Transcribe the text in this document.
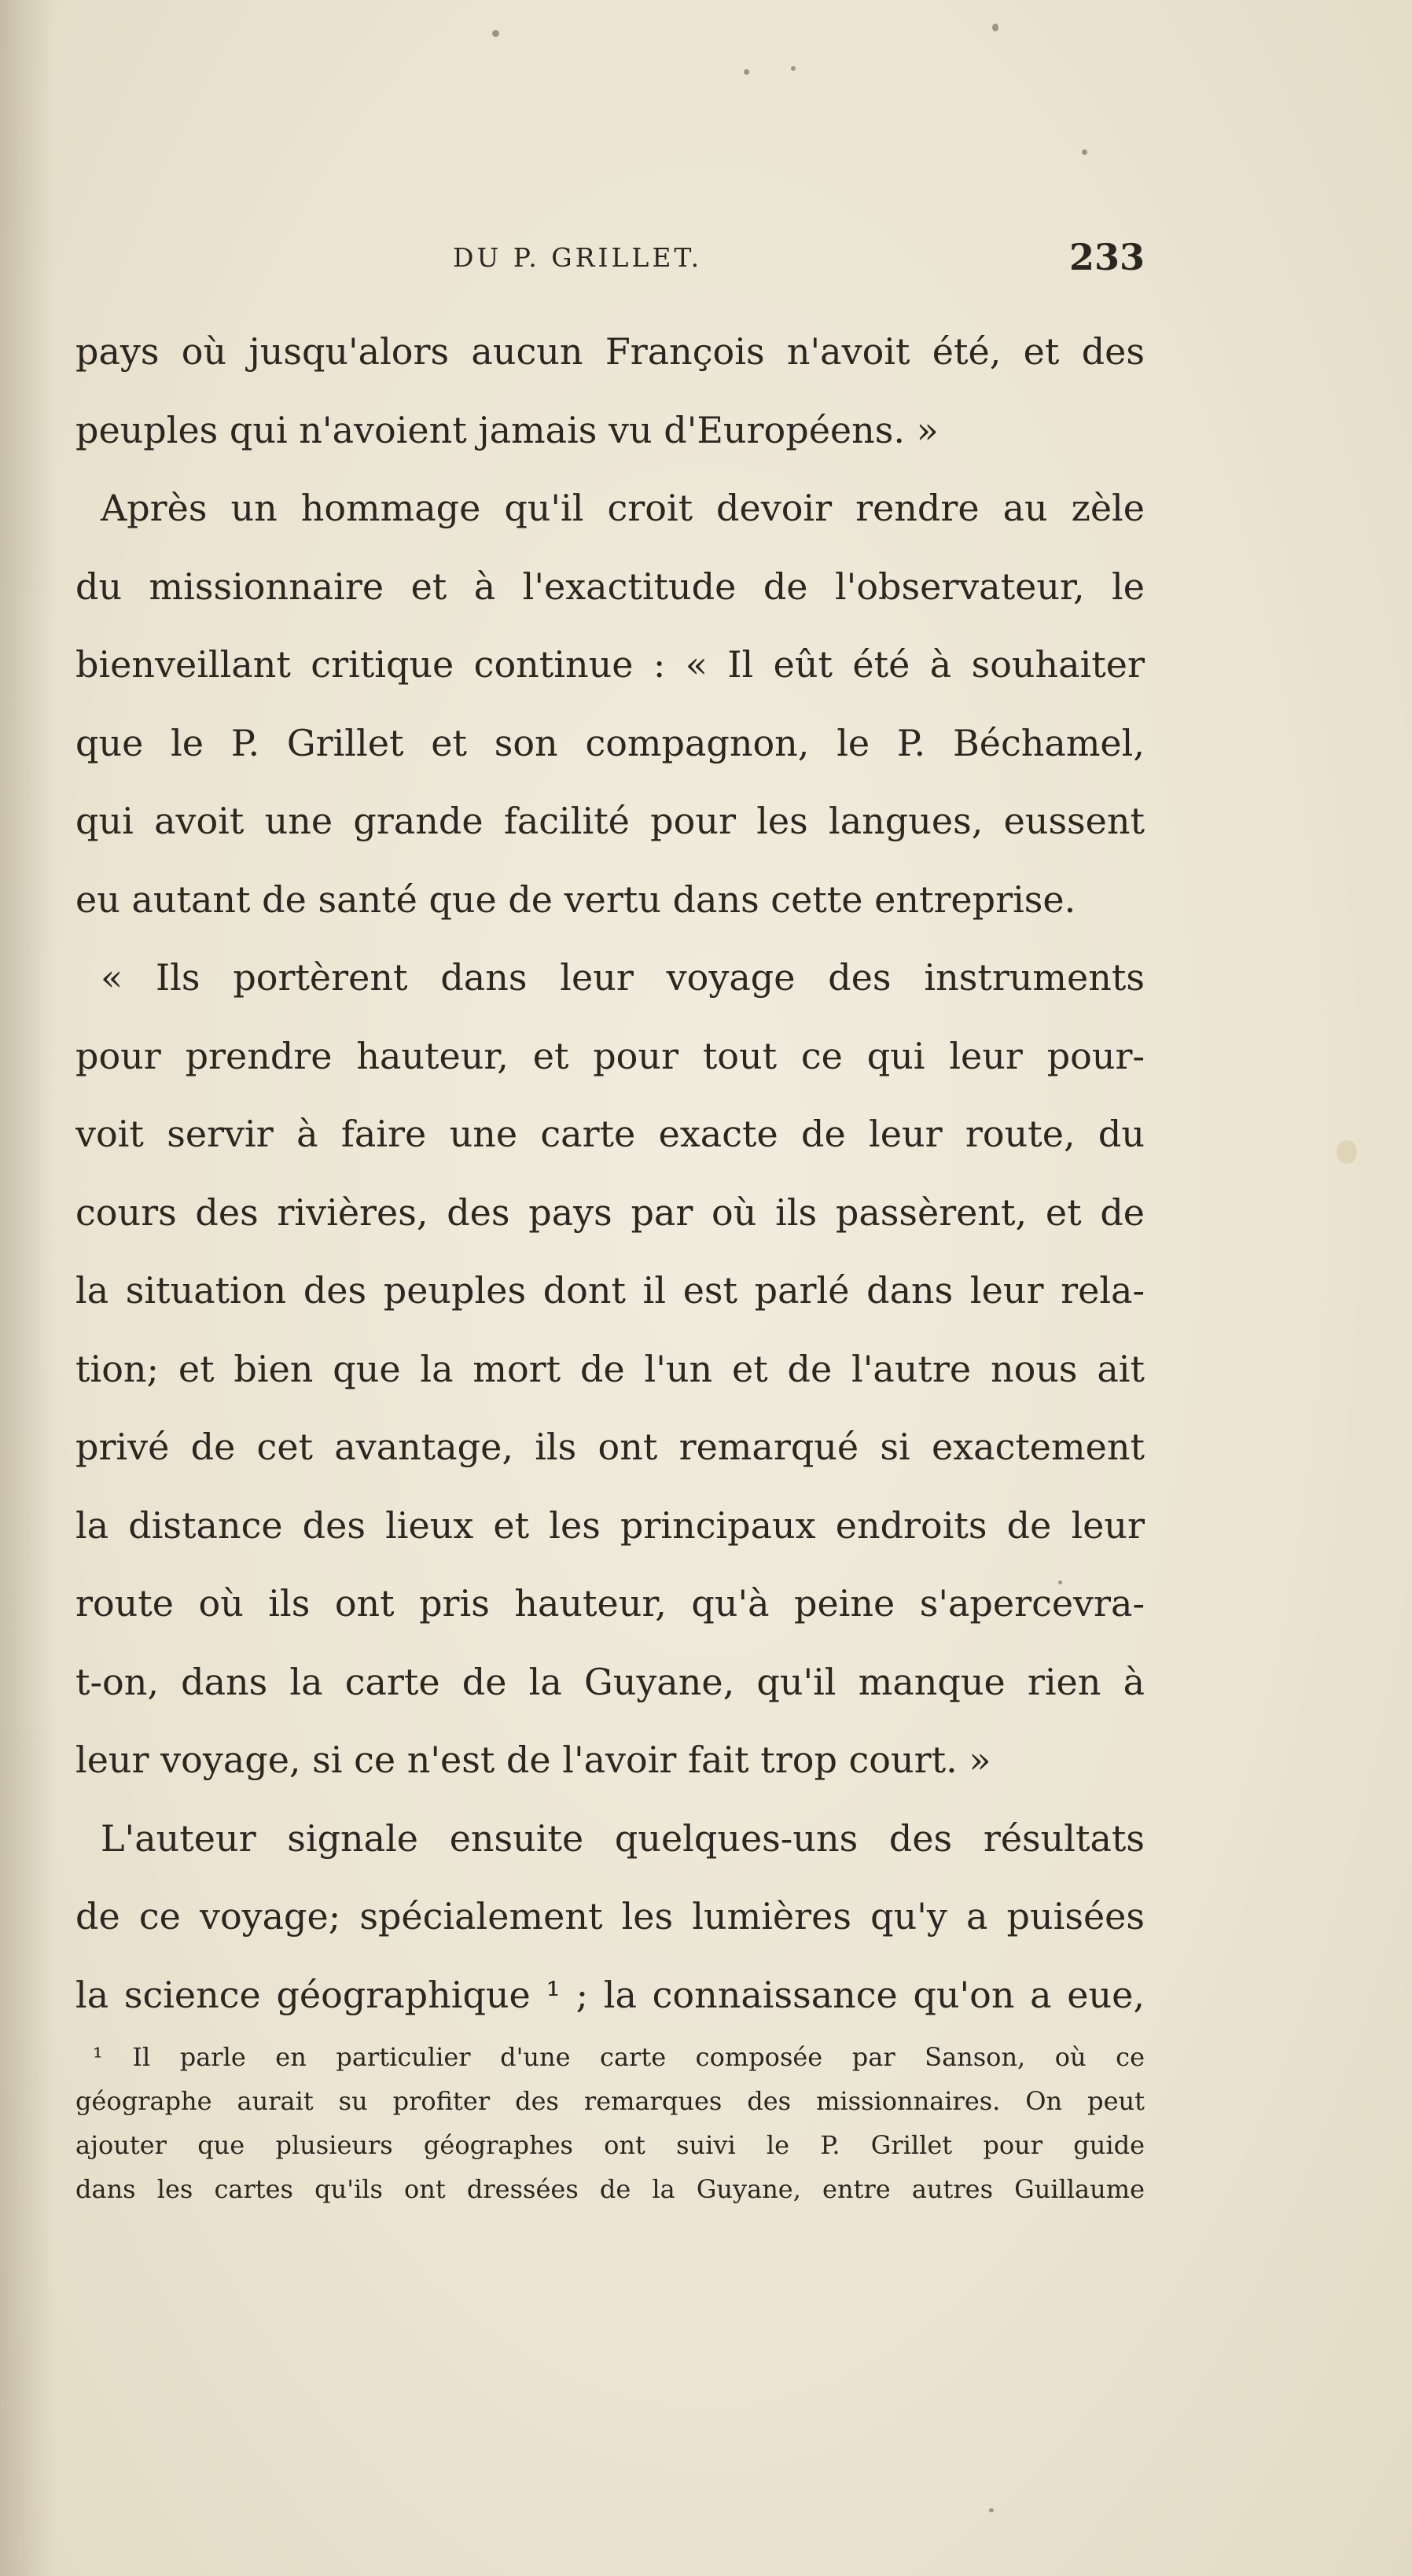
DU P. GRILLET.	233
pays où jusqu'alors aucun François n'avoit été, et des
peuples qui n'avoient jamais vu d'Européens. »
Après un hommage qu'il croit devoir rendre au zèle
du missionnaire et à l'exactitude de l'observateur, le
bienveillant critique continue : « Il eût été à souhaiter
que le P. Grillet et son compagnon, le P. Béchamel,
qui avoit une grande facilité pour les langues, eussent
eu autant de santé que de vertu dans cette entreprise.
« Ils portèrent dans leur voyage des instruments
pour prendre hauteur, et pour tout ce qui leur pour-
voit servir à faire une carte exacte de leur route, du
cours des rivières, des pays par où ils passèrent, et de
la situation des peuples dont il est parlé dans leur rela-
tion; et bien que la mort de l'un et de l'autre nous ait
privé de cet avantage, ils ont remarqué si exactement
la distance des lieux et les principaux endroits de leur
route où ils ont pris hauteur, qu'à peine s'apercevra-
t-on, dans la carte de la Guyane, qu'il manque rien à
leur voyage, si ce n'est de l'avoir fait trop court. »
L'auteur signale ensuite quelques-uns des résultats
de ce voyage; spécialement les lumières qu'y a puisées
la science géographique ¹ ; la connaissance qu'on a eue,
¹ Il parle en particulier d'une carte composée par Sanson, où ce
géographe aurait su profiter des remarques des missionnaires. On peut
ajouter que plusieurs géographes ont suivi le P. Grillet pour guide
dans les cartes qu'ils ont dressées de la Guyane, entre autres Guillaume
